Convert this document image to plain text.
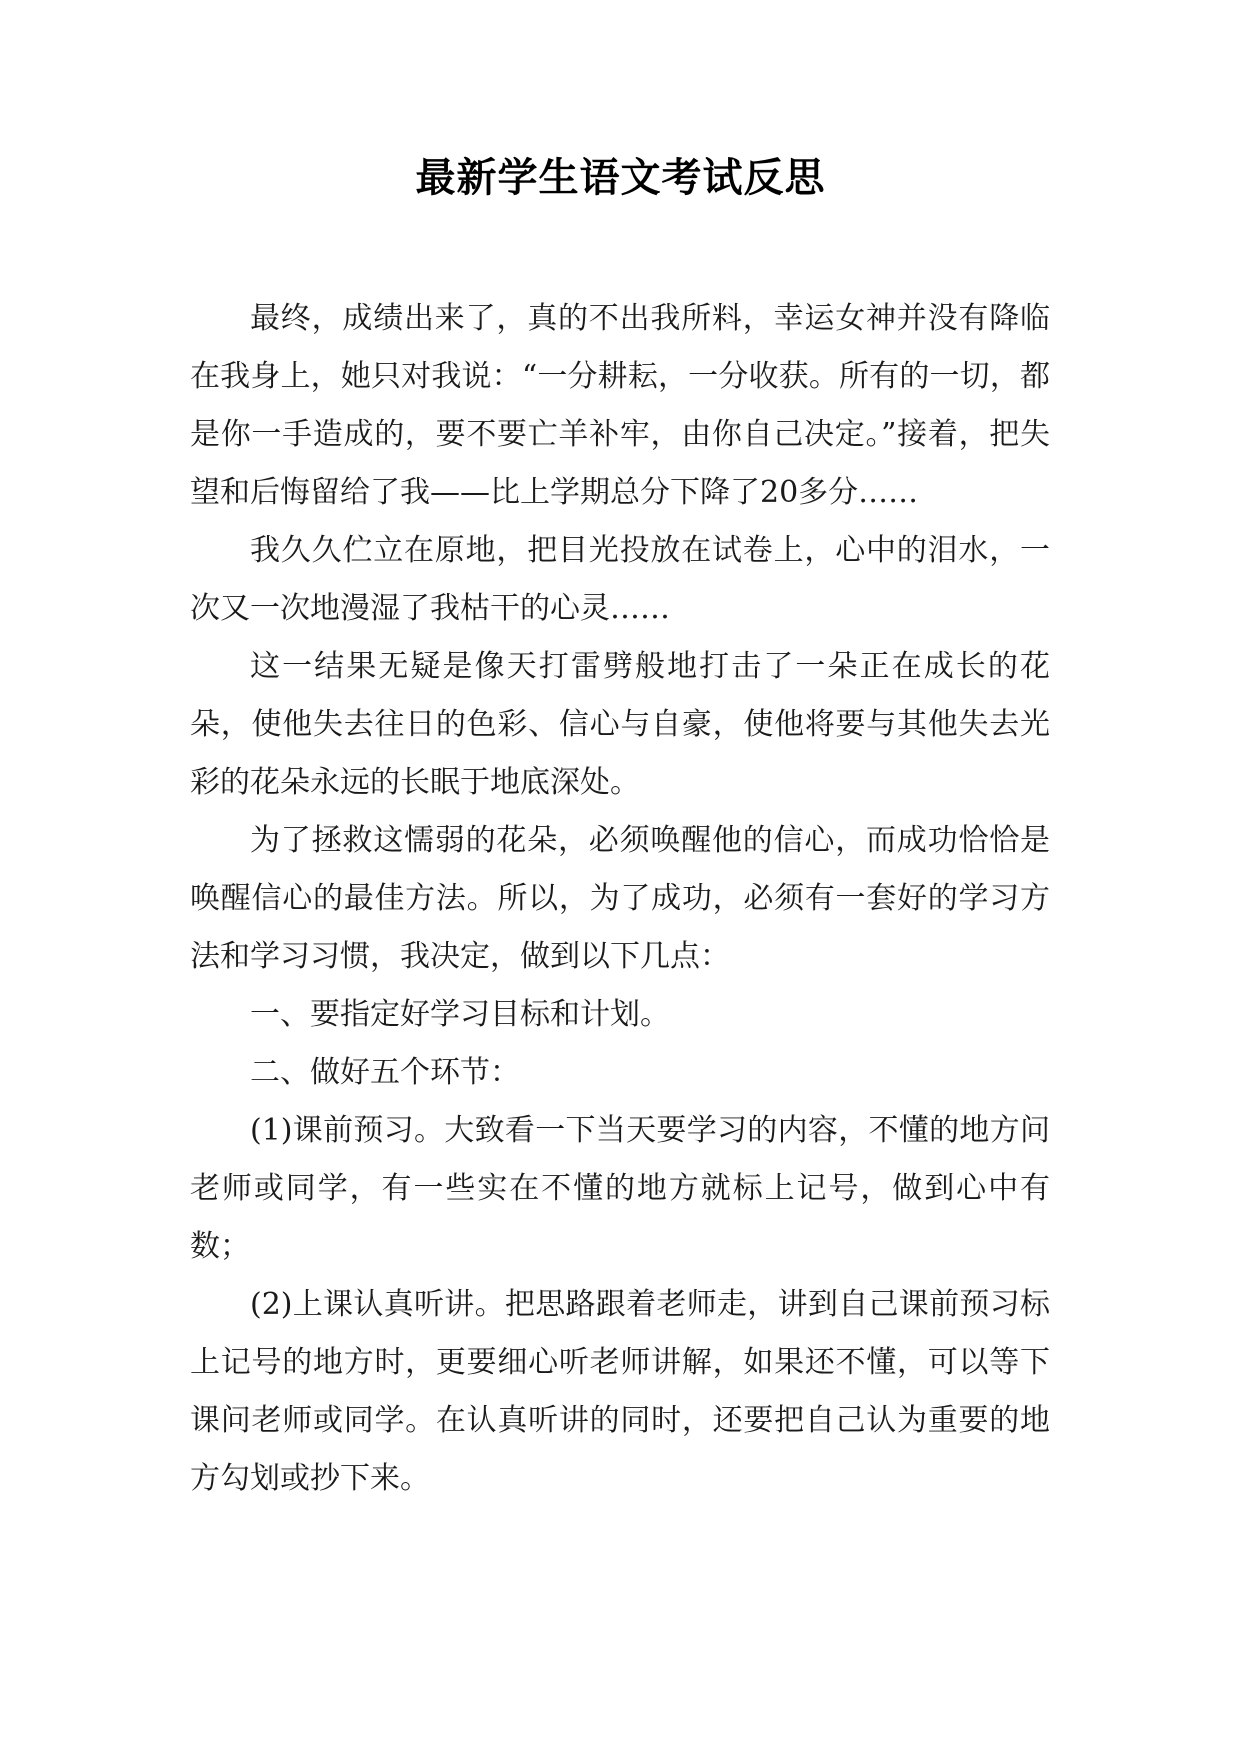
最新学生语文考试反思

最终，成绩出来了，真的不出我所料，幸运女神并没有降临在我身上，她只对我说：“一分耕耘，一分收获。所有的一切，都是你一手造成的，要不要亡羊补牢，由你自己决定。”接着，把失望和后悔留给了我——比上学期总分下降了20多分……

我久久伫立在原地，把目光投放在试卷上，心中的泪水，一次又一次地漫湿了我枯干的心灵……

这一结果无疑是像天打雷劈般地打击了一朵正在成长的花朵，使他失去往日的色彩、信心与自豪，使他将要与其他失去光彩的花朵永远的长眠于地底深处。

为了拯救这懦弱的花朵，必须唤醒他的信心，而成功恰恰是唤醒信心的最佳方法。所以，为了成功，必须有一套好的学习方法和学习习惯，我决定，做到以下几点：

一、要指定好学习目标和计划。

二、做好五个环节：

(1)课前预习。大致看一下当天要学习的内容，不懂的地方问老师或同学，有一些实在不懂的地方就标上记号，做到心中有数；

(2)上课认真听讲。把思路跟着老师走，讲到自己课前预习标上记号的地方时，更要细心听老师讲解，如果还不懂，可以等下课问老师或同学。在认真听讲的同时，还要把自己认为重要的地方勾划或抄下来。
